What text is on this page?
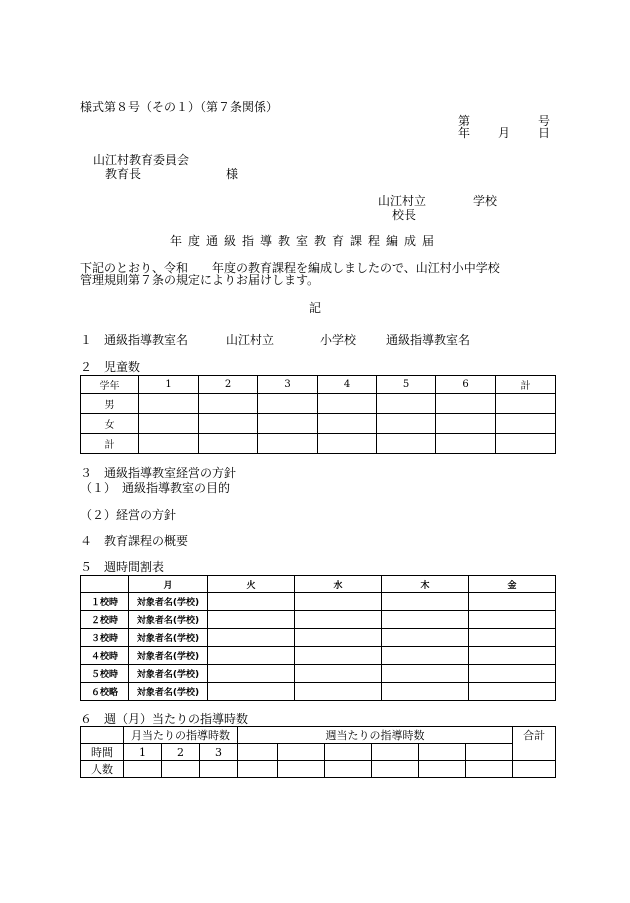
様式第８号（その１）（第７条関係）
第	号
年 月 日
山江村教育委員会
教育長	様
山江村立	学校
校長
年度通級指導教室教育課程編成届
下記のとおり、令和　　年度の教育課程を編成しましたので、山江村小中学校
管理規則第７条の規定によりお届けします。
記
１　通級指導教室名	山江村立	小学校 通級指導教室名
２　児童数
学年	1	2	3	4	5	6	計
男							
女							
計							
３　通級指導教室経営の方針
（１）　通級指導教室の目的
（２）経営の方針
４　教育課程の概要
５　週時間割表
	月	火	水	木	金
１校時	対象者名(学校)				
２校時	対象者名(学校)				
３校時	対象者名(学校)				
４校時	対象者名(学校)				
５校時	対象者名(学校)				
６校略	対象者名(学校)				
６　週（月）当たりの指導時数
	月当たりの指導時数			週当たりの指導時数						合計
時間	1	2	3							
人数										
